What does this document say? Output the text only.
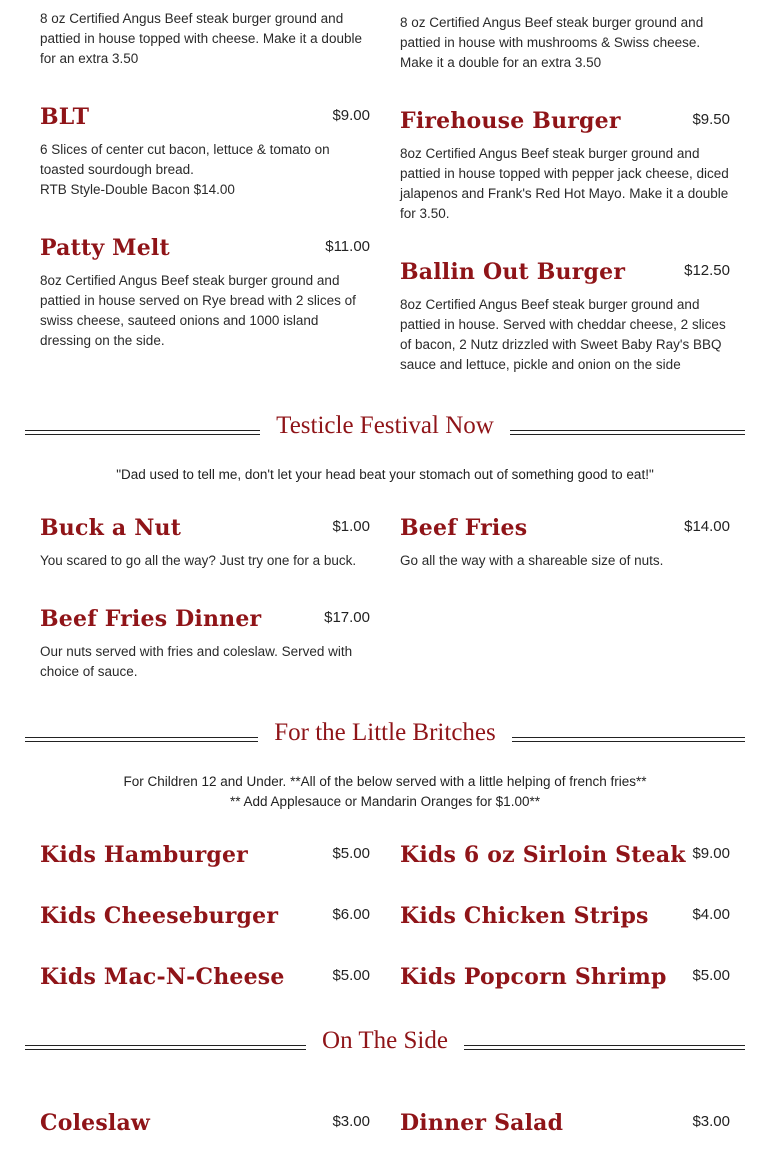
8 oz Certified Angus Beef steak burger ground and pattied in house topped with cheese. Make it a double for an extra 3.50

8 oz Certified Angus Beef steak burger ground and pattied in house with mushrooms & Swiss cheese. Make it a double for an extra 3.50

BLT	$9.00

6 Slices of center cut bacon, lettuce & tomato on toasted sourdough bread.

RTB Style-Double Bacon $14.00

Firehouse Burger	$9.50

8oz Certified Angus Beef steak burger ground and pattied in house topped with pepper jack cheese, diced jalapenos and Frank's Red Hot Mayo. Make it a double for 3.50.

Patty Melt	$11.00

8oz Certified Angus Beef steak burger ground and pattied in house served on Rye bread with 2 slices of swiss cheese, sauteed onions and 1000 island dressing on the side.

Ballin Out Burger	$12.50

8oz Certified Angus Beef steak burger ground and pattied in house. Served with cheddar cheese, 2 slices of bacon, 2 Nutz drizzled with Sweet Baby Ray's BBQ sauce and lettuce, pickle and onion on the side

Testicle Festival Now

"Dad used to tell me, don't let your head beat your stomach out of something good to eat!"

Buck a Nut	$1.00

You scared to go all the way? Just try one for a buck.

Beef Fries	$14.00

Go all the way with a shareable size of nuts.

Beef Fries Dinner	$17.00

Our nuts served with fries and coleslaw. Served with choice of sauce.

For the Little Britches

For Children 12 and Under. **All of the below served with a little helping of french fries**

** Add Applesauce or Mandarin Oranges for $1.00**

Kids Hamburger	$5.00 Kids 6 oz Sirloin Steak $9.00
Kids Cheeseburger	$6.00 Kids Chicken Strips	$4.00
Kids Mac-N-Cheese	$5.00 Kids Popcorn Shrimp	$5.00
On The Side
Coleslaw	$3.00 Dinner Salad	$3.00
